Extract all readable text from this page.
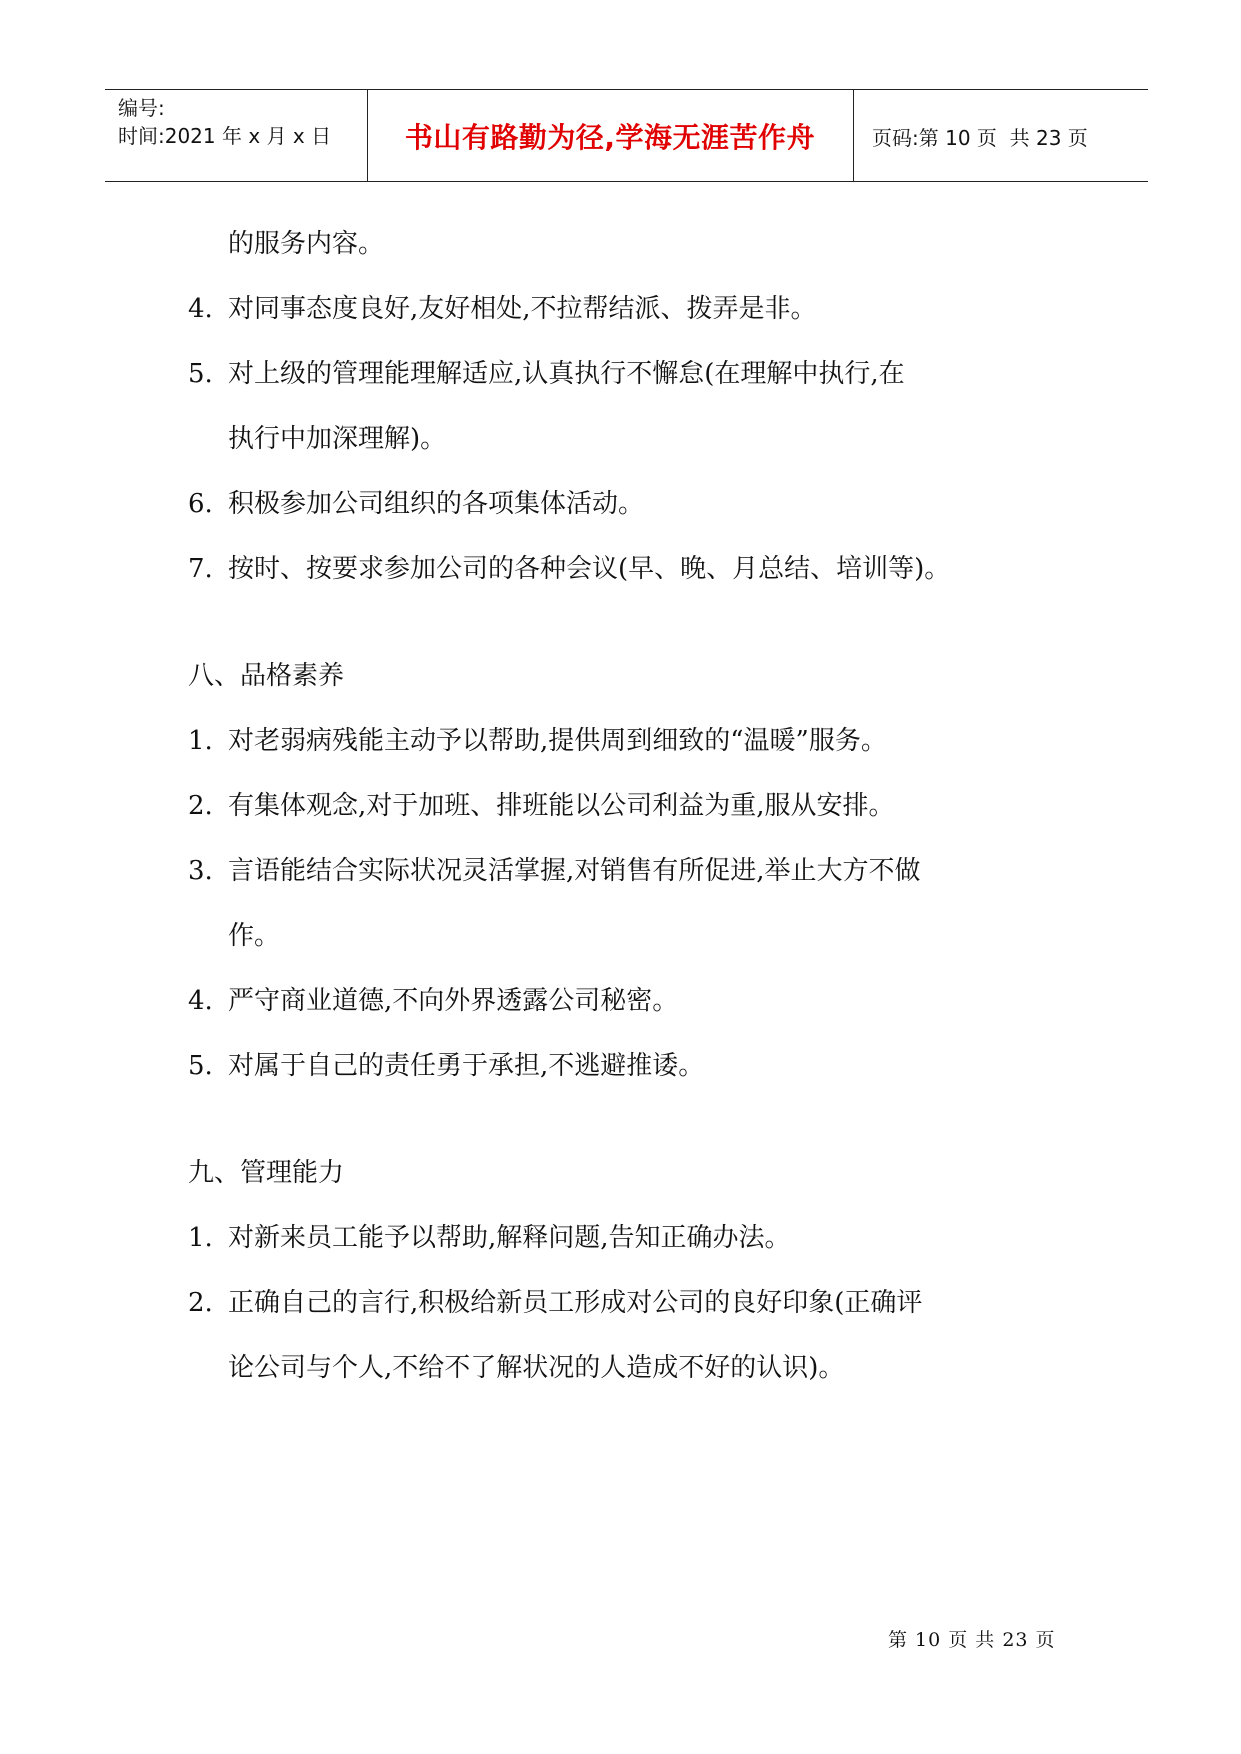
编号:
时间:2021 年 x 月 x 日	书山有路勤为径,学海无涯苦作舟	页码:第 10 页  共 23 页
的服务内容。
4. 对同事态度良好,友好相处,不拉帮结派、拨弄是非。
5. 对上级的管理能理解适应,认真执行不懈怠(在理解中执行,在
执行中加深理解)。
6. 积极参加公司组织的各项集体活动。
7. 按时、按要求参加公司的各种会议(早、晚、月总结、培训等)。
八、品格素养
1. 对老弱病残能主动予以帮助,提供周到细致的“温暖”服务。
2. 有集体观念,对于加班、排班能以公司利益为重,服从安排。
3. 言语能结合实际状况灵活掌握,对销售有所促进,举止大方不做
作。
4. 严守商业道德,不向外界透露公司秘密。
5. 对属于自己的责任勇于承担,不逃避推诿。
九、管理能力
1. 对新来员工能予以帮助,解释问题,告知正确办法。
2. 正确自己的言行,积极给新员工形成对公司的良好印象(正确评
论公司与个人,不给不了解状况的人造成不好的认识)。
第 10 页 共 23 页
